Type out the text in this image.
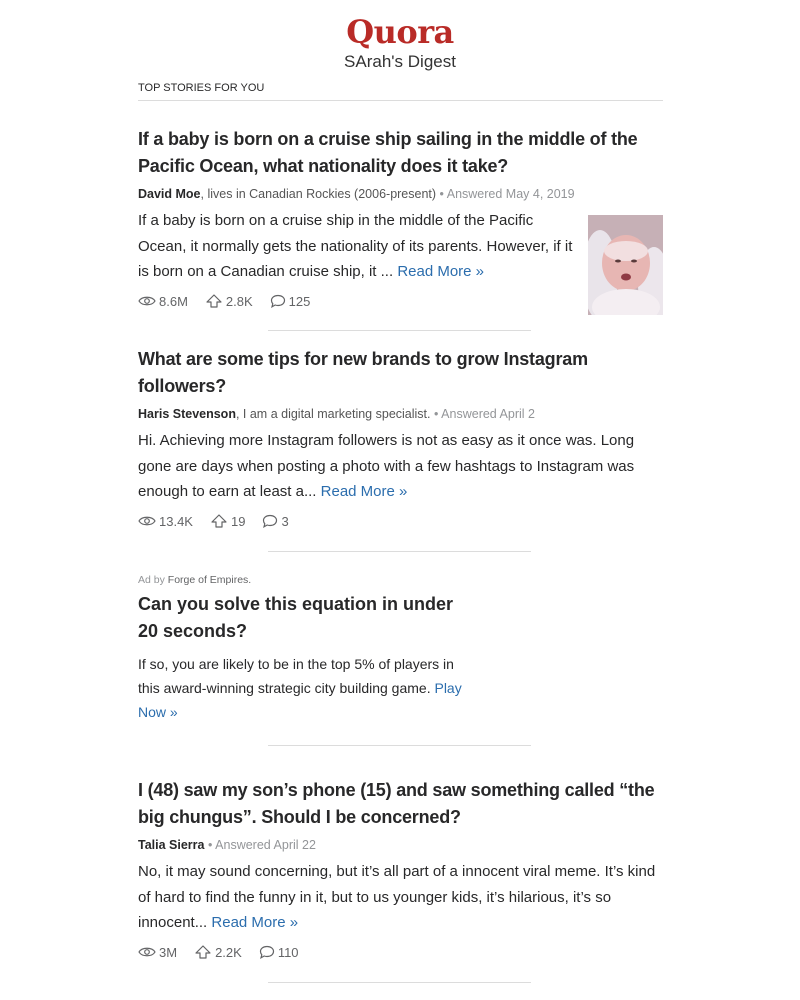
Quora
SArah's Digest
TOP STORIES FOR YOU
If a baby is born on a cruise ship sailing in the middle of the Pacific Ocean, what nationality does it take?
David Moe, lives in Canadian Rockies (2006-present) • Answered May 4, 2019
If a baby is born on a cruise ship in the middle of the Pacific Ocean, it normally gets the nationality of its parents. However, if it is born on a Canadian cruise ship, it ... Read More »
8.6M	2.8K	125
What are some tips for new brands to grow Instagram followers?
Haris Stevenson, I am a digital marketing specialist. • Answered April 2
Hi. Achieving more Instagram followers is not as easy as it once was. Long gone are days when posting a photo with a few hashtags to Instagram was enough to earn at least a... Read More »
13.4K	19	3
Ad by Forge of Empires.
Can you solve this equation in under 20 seconds?
If so, you are likely to be in the top 5% of players in this award-winning strategic city building game. Play Now »
I (48) saw my son’s phone (15) and saw something called “the big chungus”. Should I be concerned?
Talia Sierra • Answered April 22
No, it may sound concerning, but it’s all part of a innocent viral meme. It’s kind of hard to find the funny in it, but to us younger kids, it’s hilarious, it’s so innocent... Read More »
3M	2.2K	110
